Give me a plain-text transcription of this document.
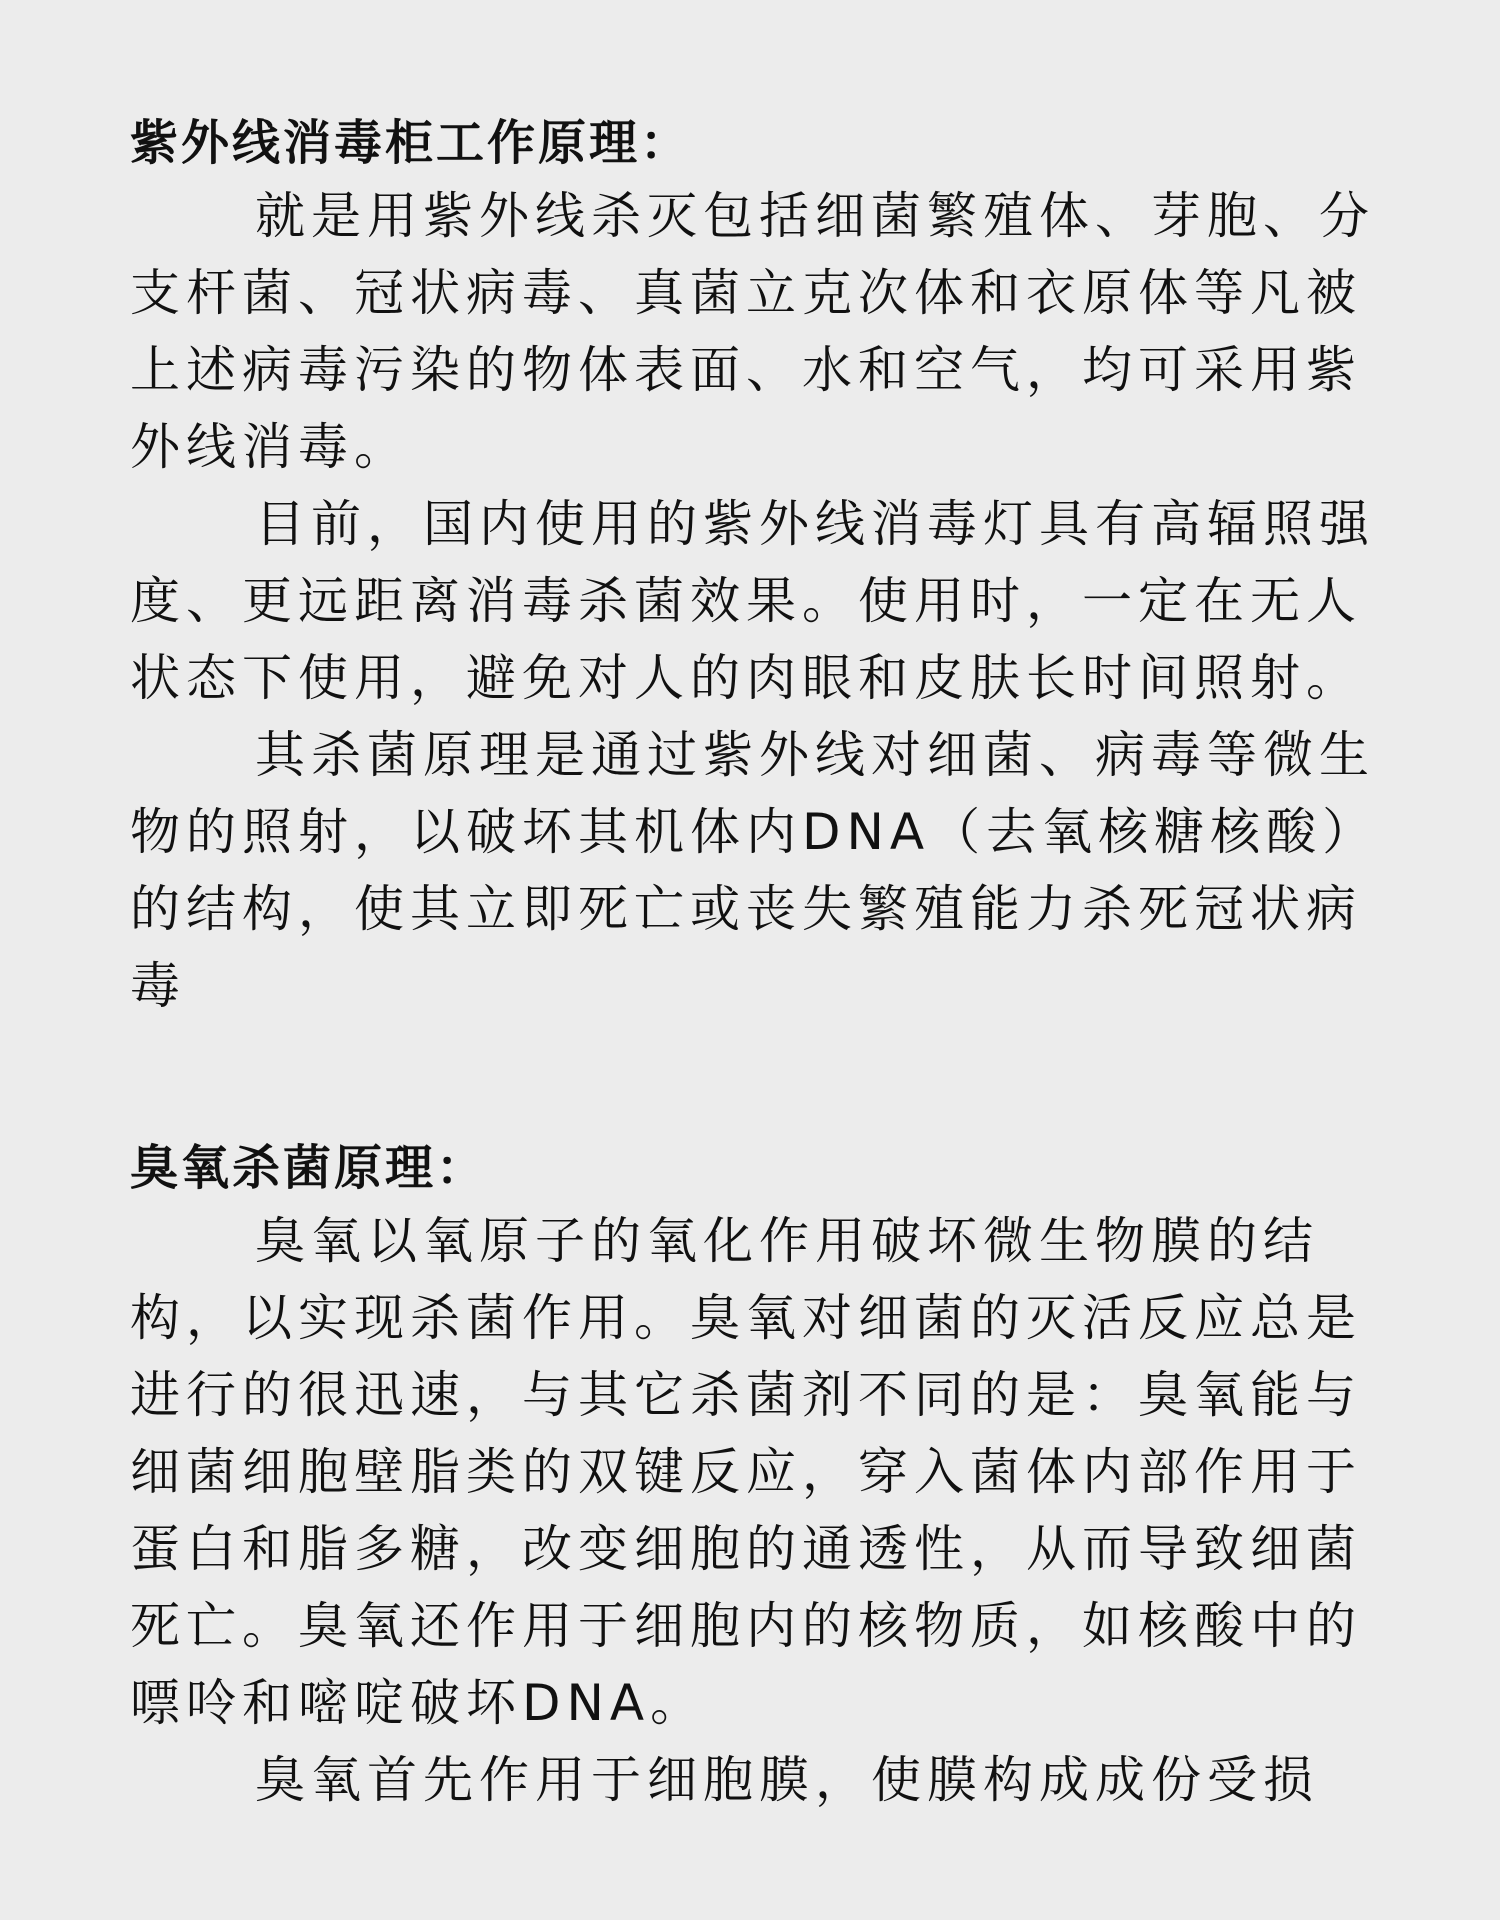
紫外线消毒柜工作原理：

就是用紫外线杀灭包括细菌繁殖体、芽胞、分支杆菌、冠状病毒、真菌立克次体和衣原体等凡被上述病毒污染的物体表面、水和空气，均可采用紫外线消毒。

目前，国内使用的紫外线消毒灯具有高辐照强度、更远距离消毒杀菌效果。使用时，一定在无人状态下使用，避免对人的肉眼和皮肤长时间照射。

其杀菌原理是通过紫外线对细菌、病毒等微生物的照射，以破坏其机体内DNA（去氧核糖核酸）的结构，使其立即死亡或丧失繁殖能力杀死冠状病毒

臭氧杀菌原理：

臭氧以氧原子的氧化作用破坏微生物膜的结构，以实现杀菌作用。臭氧对细菌的灭活反应总是进行的很迅速，与其它杀菌剂不同的是：臭氧能与细菌细胞壁脂类的双键反应，穿入菌体内部作用于蛋白和脂多糖，改变细胞的通透性，从而导致细菌死亡。臭氧还作用于细胞内的核物质，如核酸中的嘌呤和嘧啶破坏DNA。

臭氧首先作用于细胞膜，使膜构成成份受损
